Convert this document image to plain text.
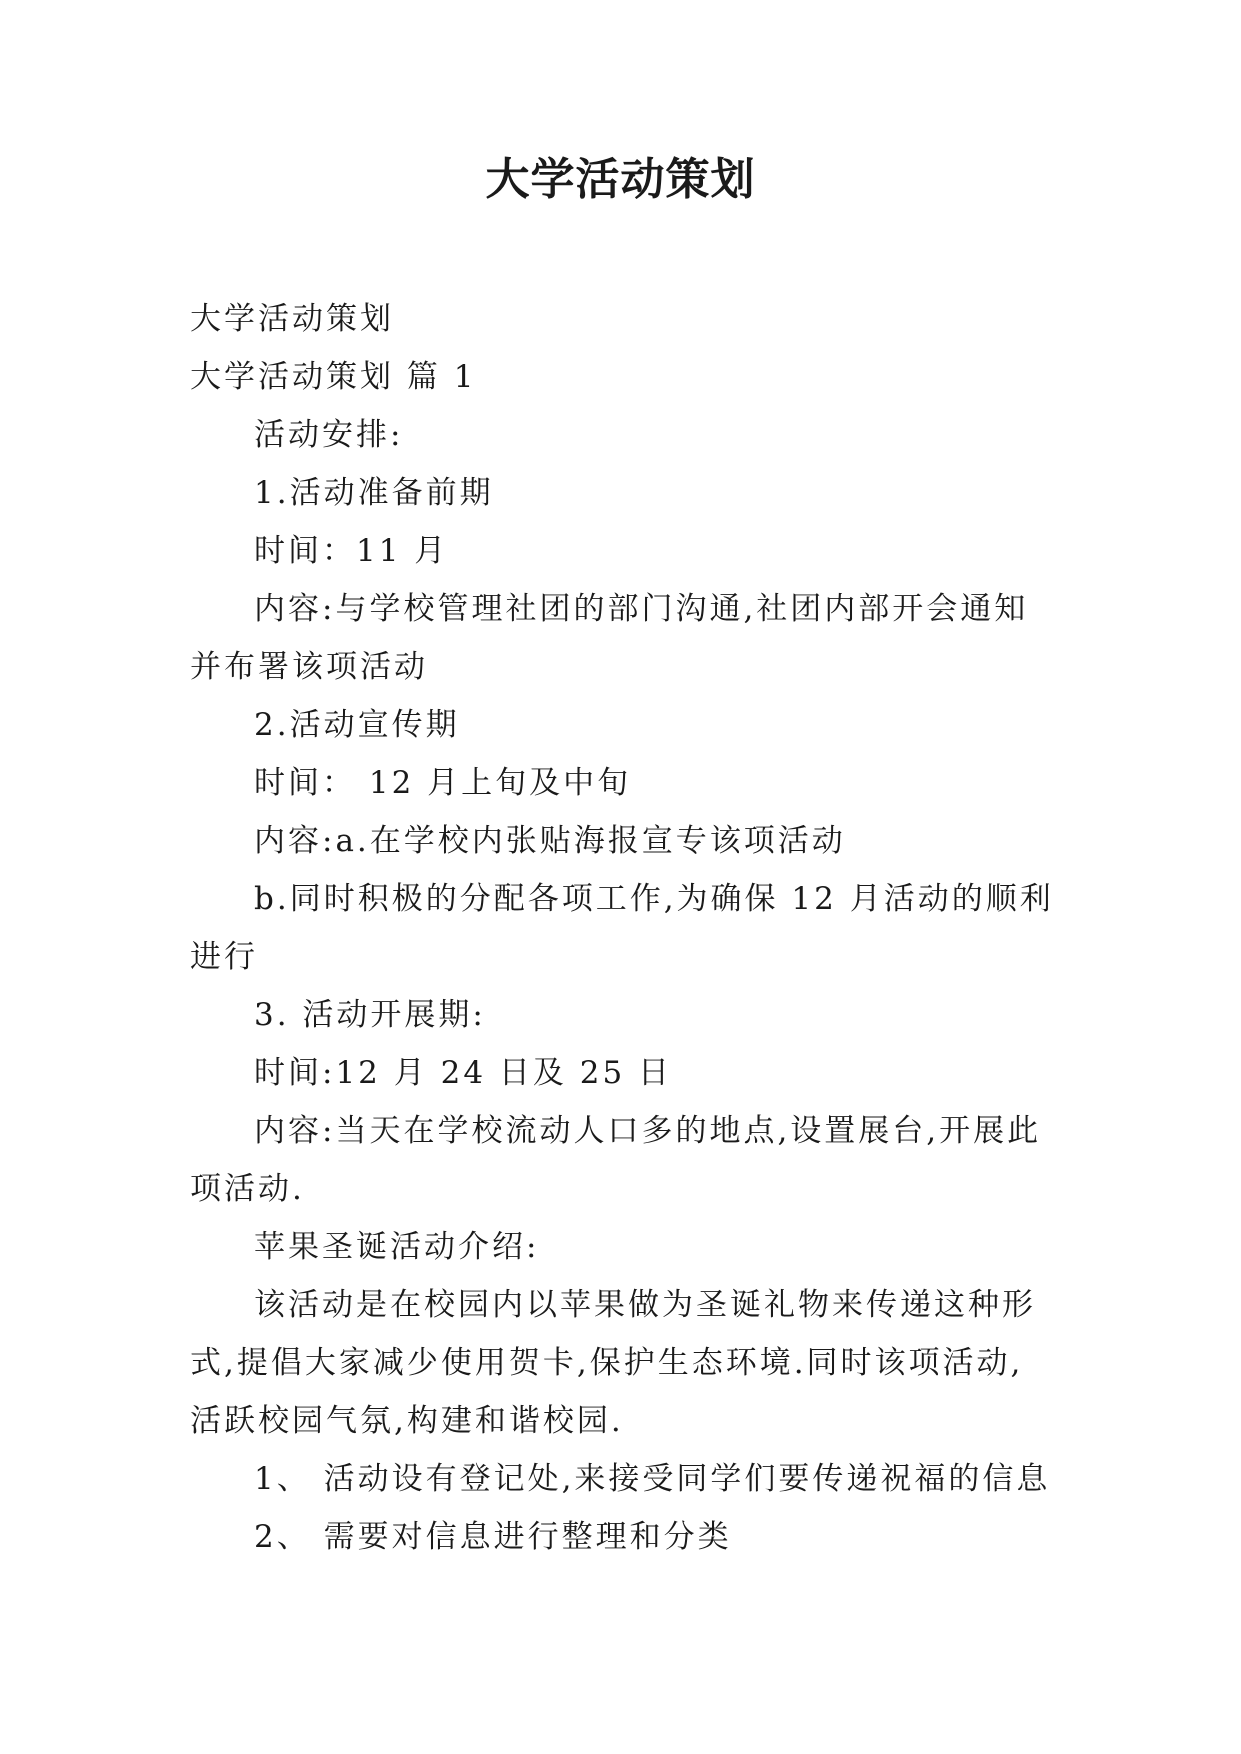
大学活动策划

大学活动策划

大学活动策划 篇 1

活动安排:

1.活动准备前期

时间：11 月

内容:与学校管理社团的部门沟通,社团内部开会通知并布署该项活动

2.活动宣传期

时间： 12 月上旬及中旬

内容:a.在学校内张贴海报宣专该项活动

b.同时积极的分配各项工作,为确保 12 月活动的顺利进行

3. 活动开展期:

时间:12 月 24 日及 25 日

内容:当天在学校流动人口多的地点,设置展台,开展此项活动.

苹果圣诞活动介绍:

该活动是在校园内以苹果做为圣诞礼物来传递这种形式,提倡大家减少使用贺卡,保护生态环境.同时该项活动,活跃校园气氛,构建和谐校园.

1、 活动设有登记处,来接受同学们要传递祝福的信息

2、 需要对信息进行整理和分类
